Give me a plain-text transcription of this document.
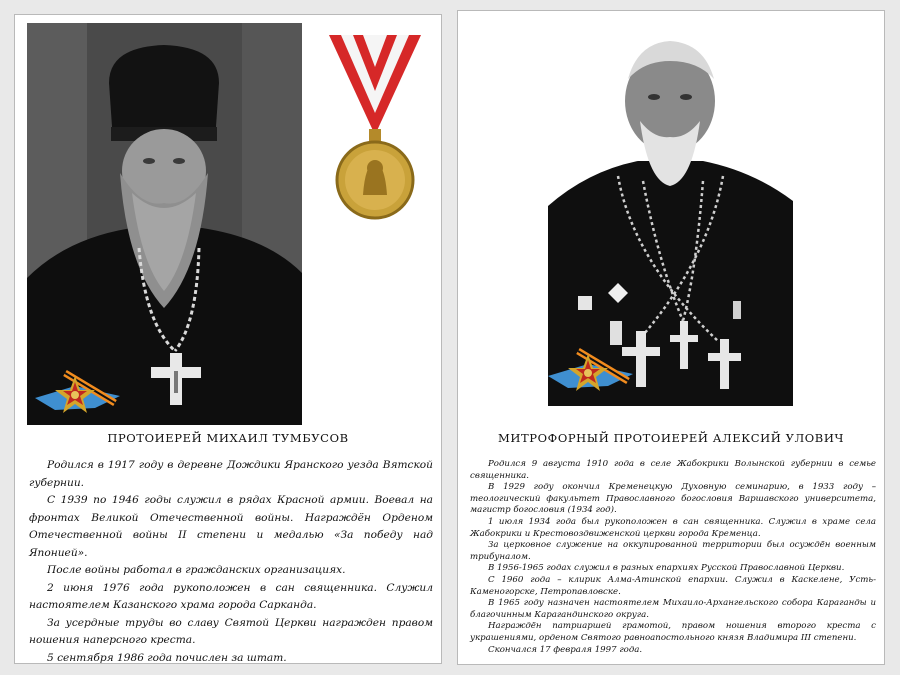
ПРОТОИЕРЕЙ МИХАИЛ ТУМБУСОВ

Родился в 1917 году в деревне Дождики Яранского уезда Вятской губернии.

С 1939 по 1946 годы служил в рядах Красной армии. Воевал на фронтах Великой Отечественной войны. Награждён Орденом Отечественной войны II степени и медалью «За победу над Японией».

После войны работал в гражданских организациях.

2 июня 1976 года рукоположен в сан священника. Служил настоятелем Казанского храма города Сарканда.

За усердные труды во славу Святой Церкви награжден правом ношения наперсного креста.

5 сентября 1986 года почислен за штат.

МИТРОФОРНЫЙ ПРОТОИЕРЕЙ АЛЕКСИЙ УЛОВИЧ

Родился 9 августа 1910 года в селе Жабокрики Волынской губернии в семье священника.

В 1929 году окончил Кременецкую Духовную семинарию, в 1933 году – теологический факультет Православного богословия Варшавского университета, магистр богословия (1934 год).

1 июля 1934 года был рукоположен в сан священника. Служил в храме села Жабокрики и Крестовоздвиженской церкви города Кременца.

За церковное служение на оккупированной территории был осуждён военным трибуналом.

В 1956-1965 годах служил в разных епархиях Русской Православной Церкви.

С 1960 года – клирик Алма-Атинской епархии. Служил в Каскелене, Усть-Каменогорске, Петропавловске.

В 1965 году назначен настоятелем Михаило-Архангельского собора Караганды и благочинным Карагандинского округа.

Награждён патриаршей грамотой, правом ношения второго креста с украшениями, орденом Святого равноапостольного князя Владимира III степени.

Скончался 17 февраля 1997 года.
